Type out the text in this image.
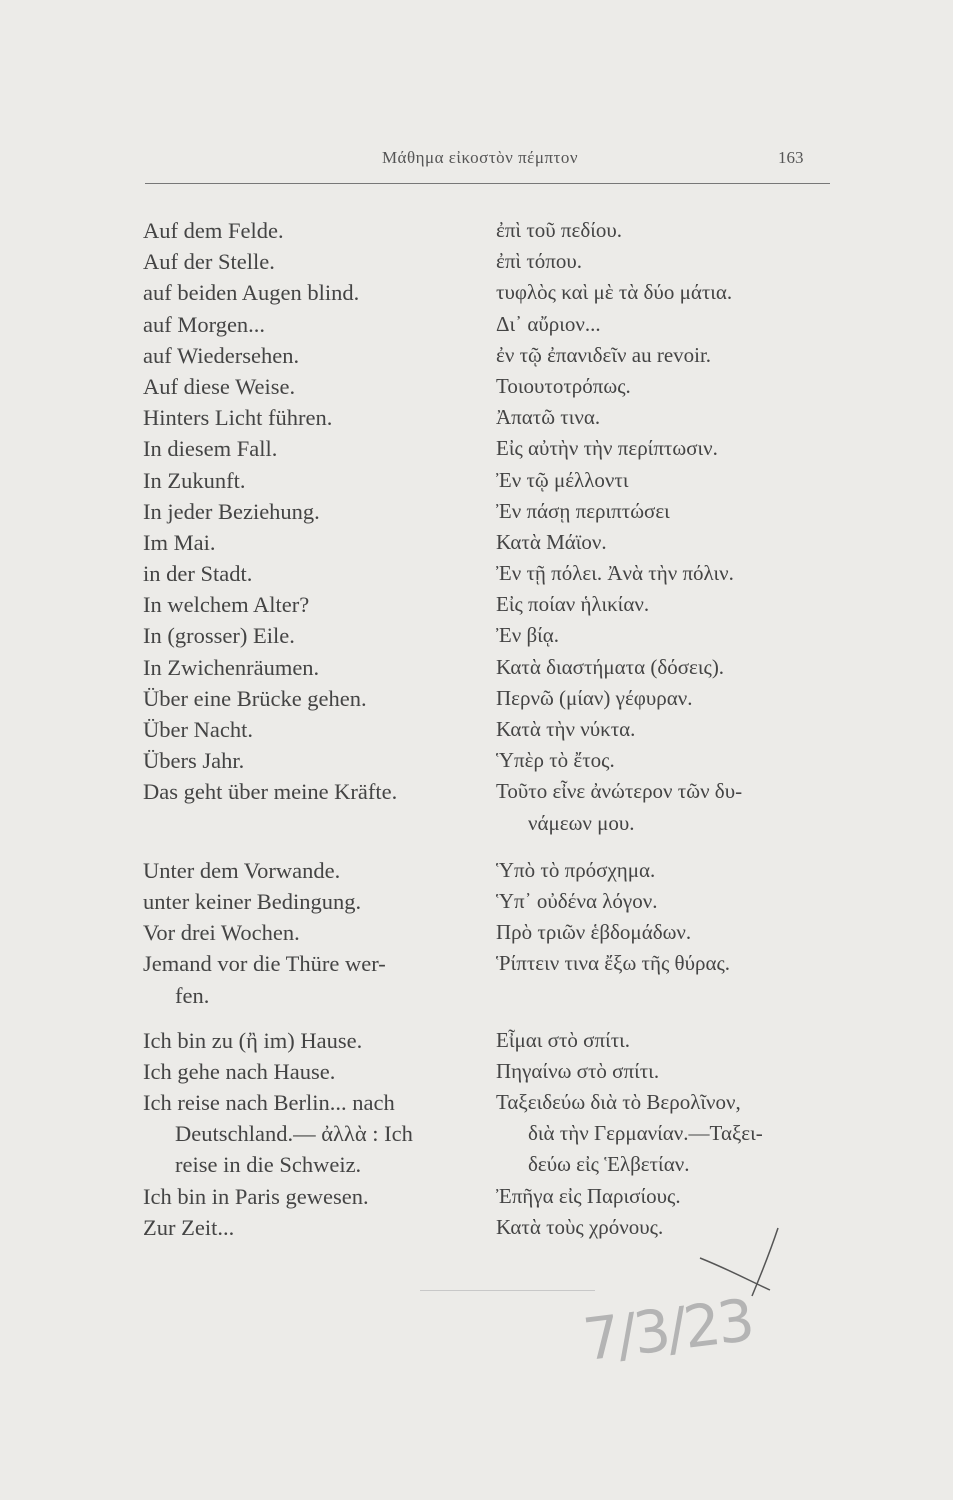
Μάθημα εἰκοστὸν πέμπτον	163
Auf dem Felde.	ἐπὶ τοῦ πεδίου.
Auf der Stelle.	ἐπὶ τόπου.
auf beiden Augen blind.	τυφλὸς καὶ μὲ τὰ δύο μάτια.
auf Morgen...	Δι᾿ αὔριον...
auf Wiedersehen.	ἐν τῷ ἐπανιδεῖν au revoir.
Auf diese Weise.	Τοιουτοτρόπως.
Hinters Licht führen.	Ἀπατῶ τινα.
In diesem Fall.	Εἰς αὐτὴν τὴν περίπτωσιν.
In Zukunft.	Ἐν τῷ μέλλοντι
In jeder Beziehung.	Ἐν πάσῃ περιπτώσει
Im Mai.	Κατὰ Μάϊον.
in der Stadt.	Ἐν τῇ πόλει. Ἀνὰ τὴν πόλιν.
In welchem Alter?	Εἰς ποίαν ἡλικίαν.
In (grosser) Eile.	Ἐν βίᾳ.
In Zwichenräumen.	Κατὰ διαστήματα (δόσεις).
Über eine Brücke gehen.	Περνῶ (μίαν) γέφυραν.
Über Nacht.	Κατὰ τὴν νύκτα.
Übers Jahr.	Ὑπὲρ τὸ ἔτος.
Das geht über meine Kräfte.	Τοῦτο εἶνε ἀνώτερον τῶν δυ-
νάμεων μου.
Unter dem Vorwande.	Ὑπὸ τὸ πρόσχημα.
unter keiner Bedingung.	Ὑπ᾿ οὐδένα λόγον.
Vor drei Wochen.	Πρὸ τριῶν ἑβδομάδων.
Jemand vor die Thüre wer-	Ῥίπτειν τινα ἔξω τῆς θύρας.
fen.
Ich bin zu (ἢ im) Hause.	Εἶμαι στὸ σπίτι.
Ich gehe nach Hause.	Πηγαίνω στὸ σπίτι.
Ich reise nach Berlin... nach	Ταξειδεύω διὰ τὸ Βερολῖνον,
Deutschland.— ἀλλὰ : Ich	διὰ τὴν Γερμανίαν.—Ταξει-
reise in die Schweiz.	δεύω εἰς Ἑλβετίαν.
Ich bin in Paris gewesen.	Ἐπῆγα εἰς Παρισίους.
Zur Zeit...	Κατὰ τοὺς χρόνους.
7/3/23
